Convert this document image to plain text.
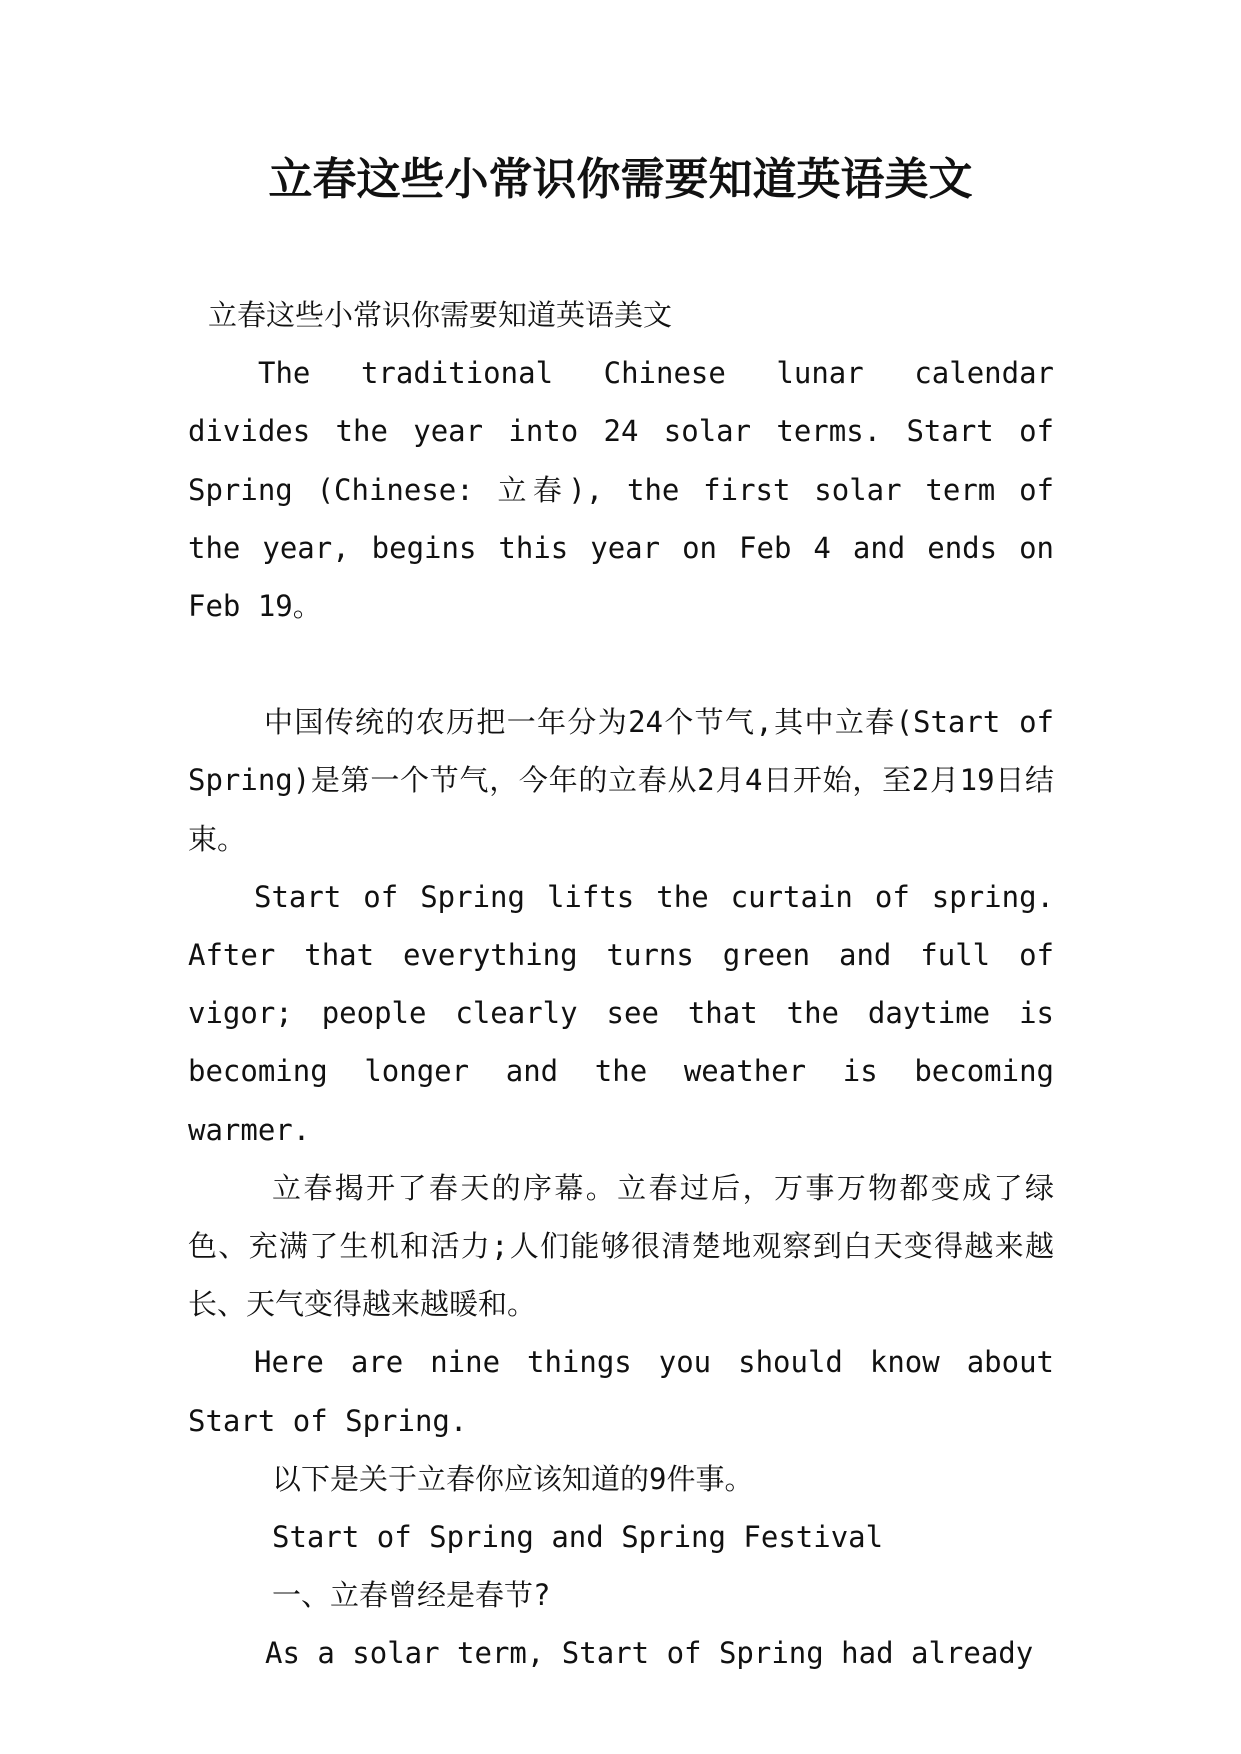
立春这些小常识你需要知道英语美文

立春这些小常识你需要知道英语美文

The traditional Chinese lunar calendar divides the year into 24 solar terms. Start of Spring (Chinese: 立春), the first solar term of the year, begins this year on Feb 4 and ends on Feb 19。

中国传统的农历把一年分为24个节气,其中立春(Start of Spring)是第一个节气，今年的立春从2月4日开始，至2月19日结束。

Start of Spring lifts the curtain of spring. After that everything turns green and full of vigor; people clearly see that the daytime is becoming longer and the weather is becoming warmer.

立春揭开了春天的序幕。立春过后，万事万物都变成了绿色、充满了生机和活力;人们能够很清楚地观察到白天变得越来越长、天气变得越来越暖和。

Here are nine things you should know about Start of Spring.

以下是关于立春你应该知道的9件事。

Start of Spring and Spring Festival

一、立春曾经是春节?

As a solar term, Start of Spring had already
